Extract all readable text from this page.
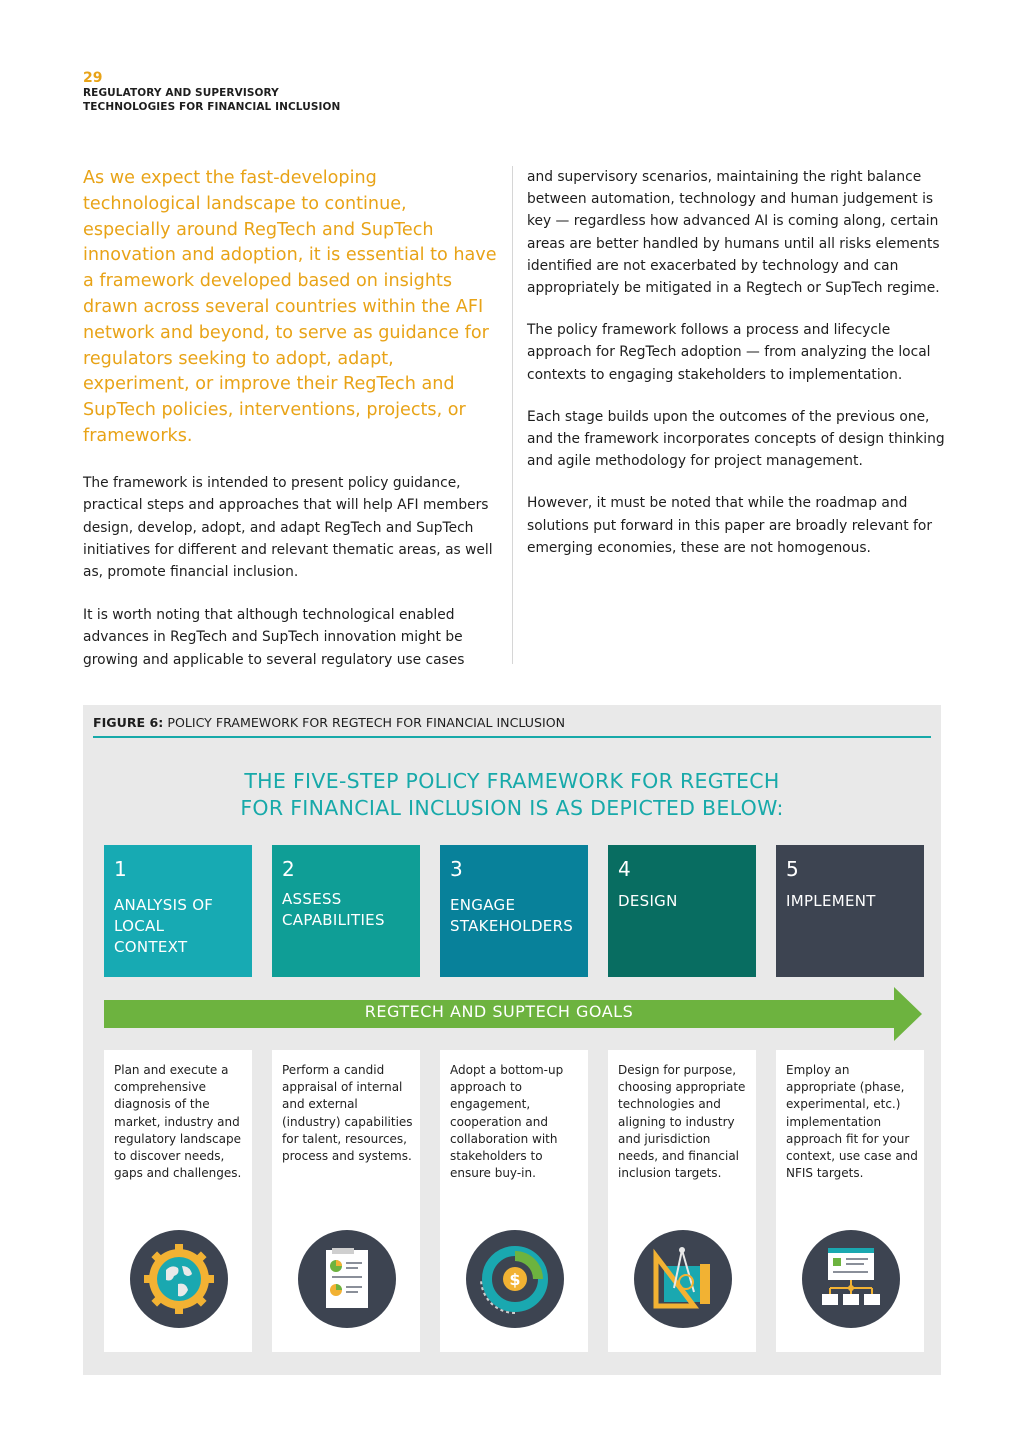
29
REGULATORY AND SUPERVISORY
TECHNOLOGIES FOR FINANCIAL INCLUSION
As we expect the fast-developing technological landscape to continue, especially around RegTech and SupTech innovation and adoption, it is essential to have a framework developed based on insights drawn across several countries within the AFI network and beyond, to serve as guidance for regulators seeking to adopt, adapt, experiment, or improve their RegTech and SupTech policies, interventions, projects, or frameworks.

The framework is intended to present policy guidance, practical steps and approaches that will help AFI members design, develop, adopt, and adapt RegTech and SupTech initiatives for different and relevant thematic areas, as well as, promote financial inclusion.

It is worth noting that although technological enabled advances in RegTech and SupTech innovation might be growing and applicable to several regulatory use cases

and supervisory scenarios, maintaining the right balance between automation, technology and human judgement is key — regardless how advanced AI is coming along, certain areas are better handled by humans until all risks elements identified are not exacerbated by technology and can appropriately be mitigated in a Regtech or SupTech regime.

The policy framework follows a process and lifecycle approach for RegTech adoption — from analyzing the local contexts to engaging stakeholders to implementation.

Each stage builds upon the outcomes of the previous one, and the framework incorporates concepts of design thinking and agile methodology for project management.

However, it must be noted that while the roadmap and solutions put forward in this paper are broadly relevant for emerging economies, these are not homogenous.

FIGURE 6: POLICY FRAMEWORK FOR REGTECH FOR FINANCIAL INCLUSION
THE FIVE-STEP POLICY FRAMEWORK FOR REGTECH
FOR FINANCIAL INCLUSION IS AS DEPICTED BELOW:
1
ANALYSIS OF LOCAL CONTEXT
2
ASSESS CAPABILITIES
3
ENGAGE STAKEHOLDERS
4
DESIGN
5
IMPLEMENT
REGTECH AND SUPTECH GOALS
Plan and execute a comprehensive diagnosis of the market, industry and regulatory landscape to discover needs, gaps and challenges.
Perform a candid appraisal of internal and external (industry) capabilities for talent, resources, process and systems.
Adopt a bottom-up approach to engagement, cooperation and collaboration with stakeholders to ensure buy-in.
$
Design for purpose, choosing appropriate technologies and aligning to industry and jurisdiction needs, and financial inclusion targets.
Employ an appropriate (phase, experimental, etc.) implementation approach fit for your context, use case and NFIS targets.
